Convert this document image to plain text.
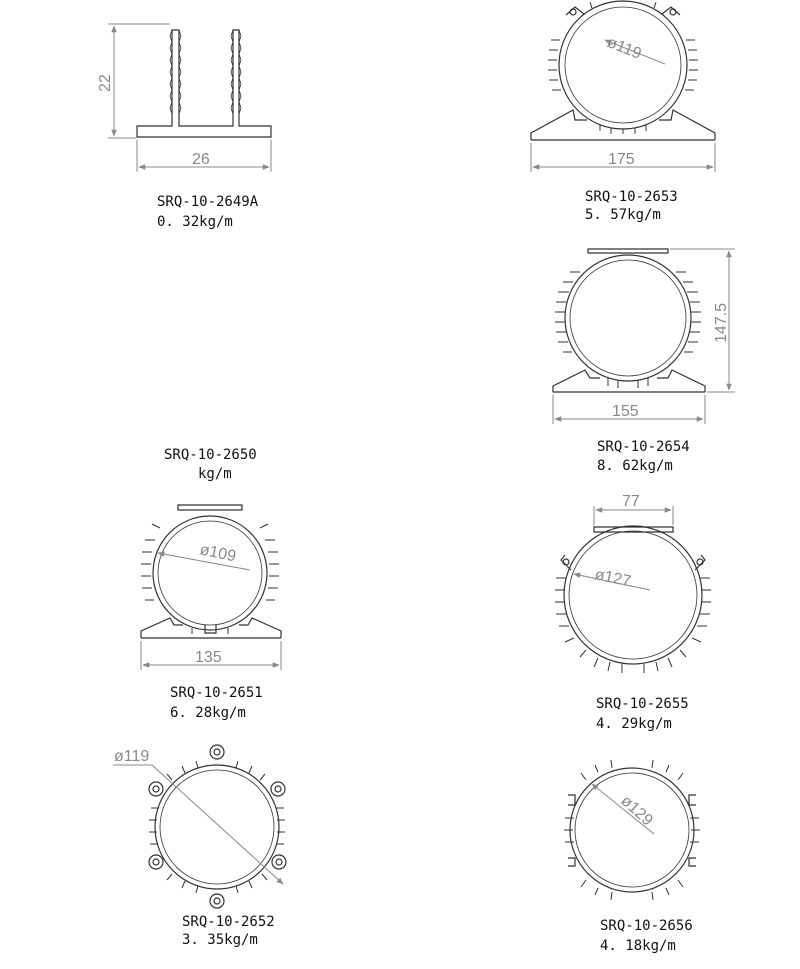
22
26
ø119
175
147.5
155
ø109
135
77
ø127
ø119
ø129
SRQ-10-2649A
0. 32kg/m
SRQ-10-2653
5. 57kg/m
SRQ-10-2654
8. 62kg/m
SRQ-10-2650
kg/m
SRQ-10-2651
6. 28kg/m
SRQ-10-2655
4. 29kg/m
SRQ-10-2652
3. 35kg/m
SRQ-10-2656
4. 18kg/m
